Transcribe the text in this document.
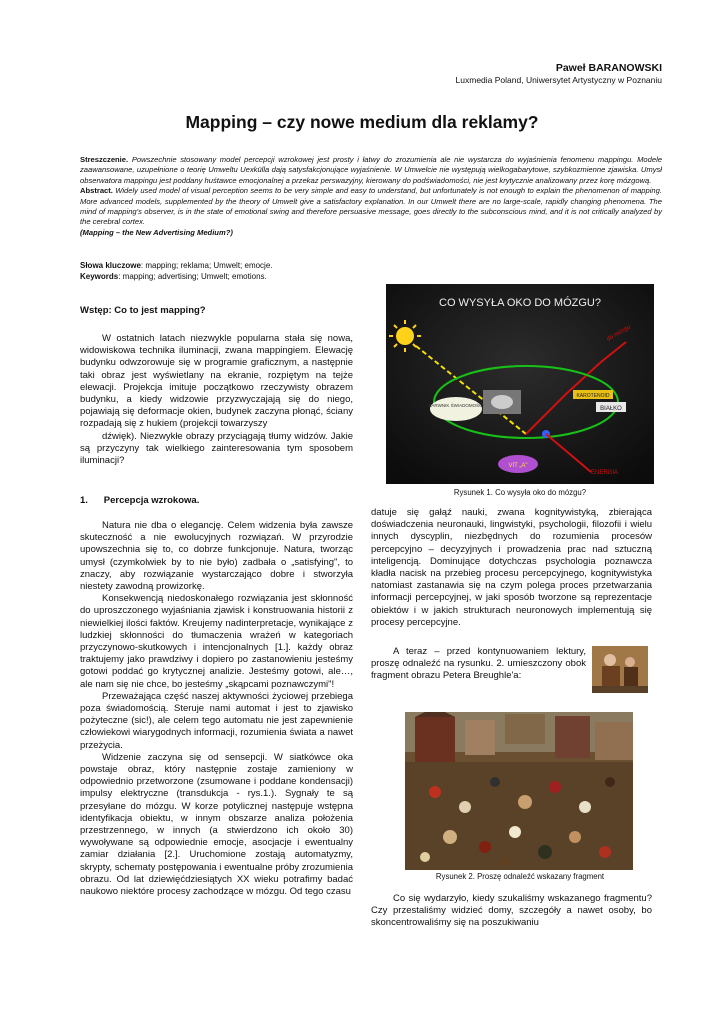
Paweł BARANOWSKI
Luxmedia Poland, Uniwersytet Artystyczny w Poznaniu
Mapping – czy nowe medium dla reklamy?
Streszczenie. Powszechnie stosowany model percepcji wzrokowej jest prosty i łatwy do zrozumienia ale nie wystarcza do wyjaśnienia fenomenu mappingu. Modele zaawansowane, uzupełnione o teorię Umweltu Uexkülla dają satysfakcjonujące wyjaśnienie. W Umwelcie nie występują wielkogabarytowe, szybkozmienne zjawiska. Umysł obserwatora mappingu jest poddany huśtawce emocjonalnej a przekaz perswazyjny, kierowany do podświadomości, nie jest krytycznie analizowany przez korę mózgową.
Abstract. Widely used model of visual perception seems to be very simple and easy to understand, but unfortunately is not enough to explain the phenomenon of mapping. More advanced models, supplemented by the theory of Umwelt give a satisfactory explanation. In our Umwelt there are no large-scale, rapidly changing phenomena. The mind of mapping's observer, is in the state of emotional swing and therefore persuasive message, goes directly to the subconscious mind, and it is not critically analyzed by the cerebral cortex.
(Mapping – the New Advertising Medium?)
Słowa kluczowe: mapping; reklama; Umwelt; emocje.
Keywords: mapping; advertising; Umwelt; emotions.
Wstęp: Co to jest mapping?

W ostatnich latach niezwykle popularna stała się nowa, widowiskowa technika iluminacji, zwana mappingiem. Elewację budynku odwzorowuje się w programie graficznym, a następnie taki obraz jest wyświetlany na ekranie, rozpiętym na tejże elewacji. Projekcja imituje początkowo rzeczywisty obrazem budynku, a kiedy widzowie przyzwyczajają się do niego, pojawiają się deformacje okien, budynek zaczyna płonąć, ściany rozpadają się z hukiem (projekcji towarzyszy

dźwięk). Niezwykłe obrazy przyciągają tłumy widzów. Jakie są przyczyny tak wielkiego zainteresowania tym sposobem iluminacji?

1.      Percepcja wzrokowa.

Natura nie dba o elegancję. Celem widzenia była zawsze skuteczność a nie ewolucyjnych rozwiązań. W przyrodzie upowszechnia się to, co dobrze funkcjonuje. Natura, tworząc umysł (czymkolwiek by to nie było) zadbała o „satisfying", to znaczy, aby rozwiązanie wystarczająco dobre i stworzyła niestety zawodną prowizorkę.

Konsekwencją niedoskonałego rozwiązania jest skłonność do uproszczonego wyjaśniania zjawisk i konstruowania historii z niewielkiej ilości faktów. Kreujemy nadinterpretacje, wynikające z ludzkiej skłonności do tłumaczenia wrażeń w kategoriach przyczynowo-skutkowych i intencjonalnych [1.]. każdy obraz traktujemy jako prawdziwy i dopiero po zastanowieniu jesteśmy gotowi poddać go krytycznej analizie. Jesteśmy gotowi, ale…, ale nam się nie chce, bo jesteśmy „skąpcami poznawczymi"!

Przeważająca część naszej aktywności życiowej przebiega poza świadomością. Steruje nami automat i jest to zjawisko pożyteczne (sic!), ale celem tego automatu nie jest zapewnienie człowiekowi wiarygodnych informacji, rozumienia świata a nawet przeżycia.

Widzenie zaczyna się od sensepcji. W siatkówce oka powstaje obraz, który następnie zostaje zamieniony w odpowiednio przetworzone (zsumowane i poddane kondensacji) impulsy elektryczne (transdukcja - rys.1.). Sygnały te są przesyłane do mózgu. W korze potylicznej następuje wstępna identyfikacja obiektu, w innym obszarze analiza położenia przestrzennego, w innych (a stwierdzono ich około 30) wywoływane są odpowiednie emocje, asocjacje i ewentualny zamiar działania [2.]. Uruchomione zostają automatyzmy, skrypty, schematy postępowania i ewentualne próby zrozumienia obrazu. Od lat dziewięćdziesiątych XX wieku potrafimy badać naukowo niektóre procesy zachodzące w mózgu. Od tego czasu

CO WYSYŁA OKO DO MÓZGU?
BARWNIK ŚWIADOMOŚCI
KAROTENOID
BIAŁKO
VIT „A"
do mózgu
ENERGIA
Rysunek 1. Co wysyła oko do mózgu?

datuje się gałąź nauki, zwana kognitywistyką, zbierająca doświadczenia neuronauki, lingwistyki, psychologii, filozofii i wielu innych dyscyplin, niezbędnych do rozumienia procesów percepcyjno – decyzyjnych i prowadzenia prac nad sztuczną inteligencją. Dominujące dotychczas psychologia poznawcza kładła nacisk na przebieg procesu percepcyjnego, kognitywistyka natomiast zastanawia się na czym polega proces przetwarzania informacji percepcyjnej, w jaki sposób tworzone są reprezentacje obiektów i w jakich strukturach neuronowych implementują się procesy percepcyjne.

A teraz – przed kontynuowaniem lektury, proszę odnaleźć na rysunku. 2. umieszczony obok fragment obrazu Petera Breughle'a:

Rysunek 2. Proszę odnaleźć wskazany fragment

Co się wydarzyło, kiedy szukaliśmy wskazanego fragmentu? Czy przestaliśmy widzieć domy, szczegóły a nawet osoby, bo skoncentrowaliśmy się na poszukiwaniu
